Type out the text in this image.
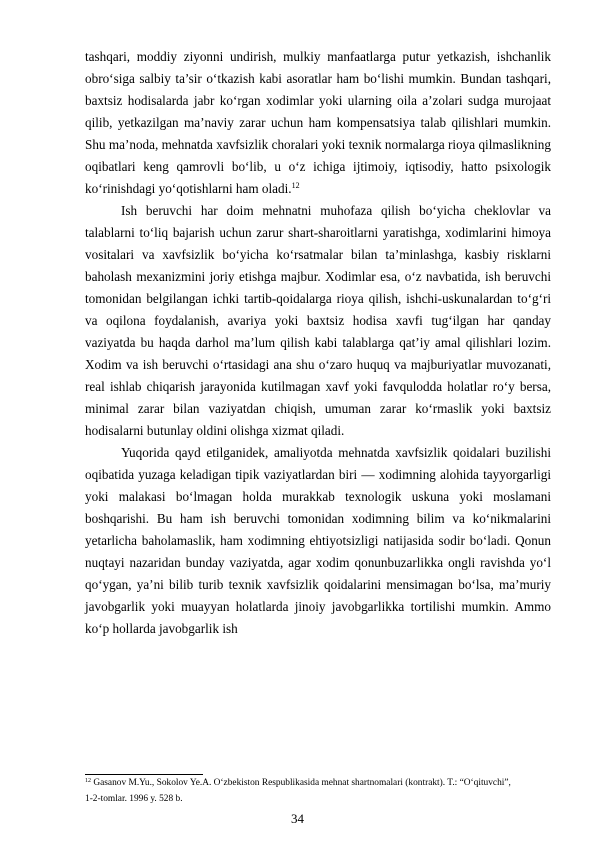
tashqari, moddiy ziyonni undirish, mulkiy manfaatlarga putur yetkazish, ishchanlik obro‘siga salbiy ta’sir o‘tkazish kabi asoratlar ham bo‘lishi mumkin. Bundan tashqari, baxtsiz hodisalarda jabr ko‘rgan xodimlar yoki ularning oila a’zolari sudga murojaat qilib, yetkazilgan ma’naviy zarar uchun ham kompensatsiya talab qilishlari mumkin. Shu ma’noda, mehnatda xavfsizlik choralari yoki texnik normalarga rioya qilmaslikning oqibatlari keng qamrovli bo‘lib, u o‘z ichiga ijtimoiy, iqtisodiy, hatto psixologik ko‘rinishdagi yo‘qotishlarni ham oladi.$^{12}$

Ish beruvchi har doim mehnatni muhofaza qilish bo‘yicha cheklovlar va talablarni to‘liq bajarish uchun zarur shart-sharoitlarni yaratishga, xodimlarini himoya vositalari va xavfsizlik bo‘yicha ko‘rsatmalar bilan ta’minlashga, kasbiy risklarni baholash mexanizmini joriy etishga majbur. Xodimlar esa, o‘z navbatida, ish beruvchi tomonidan belgilangan ichki tartib-qoidalarga rioya qilish, ishchi-uskunalardan to‘g‘ri va oqilona foydalanish, avariya yoki baxtsiz hodisa xavfi tug‘ilgan har qanday vaziyatda bu haqda darhol ma’lum qilish kabi talablarga qat’iy amal qilishlari lozim. Xodim va ish beruvchi o‘rtasidagi ana shu o‘zaro huquq va majburiyatlar muvozanati, real ishlab chiqarish jarayonida kutilmagan xavf yoki favqulodda holatlar ro‘y bersa, minimal zarar bilan vaziyatdan chiqish, umuman zarar ko‘rmaslik yoki baxtsiz hodisalarni butunlay oldini olishga xizmat qiladi.

Yuqorida qayd etilganidek, amaliyotda mehnatda xavfsizlik qoidalari buzilishi oqibatida yuzaga keladigan tipik vaziyatlardan biri — xodimning alohida tayyorgarligi yoki malakasi bo‘lmagan holda murakkab texnologik uskuna yoki moslamani boshqarishi. Bu ham ish beruvchi tomonidan xodimning bilim va ko‘nikmalarini yetarlicha baholamaslik, ham xodimning ehtiyotsizligi natijasida sodir bo‘ladi. Qonun nuqtayi nazaridan bunday vaziyatda, agar xodim qonunbuzarlikka ongli ravishda yo‘l qo‘ygan, ya’ni bilib turib texnik xavfsizlik qoidalarini mensimagan bo‘lsa, ma’muriy javobgarlik yoki muayyan holatlarda jinoiy javobgarlikka tortilishi mumkin. Ammo ko‘p hollarda javobgarlik ish

$^{12}$ Gasanov M.Yu., Sokolov Ye.A. O‘zbekiston Respublikasida mehnat shartnomalari (kontrakt). T.: “O‘qituvchi”,
1-2-tomlar. 1996 y. 528 b.

34
